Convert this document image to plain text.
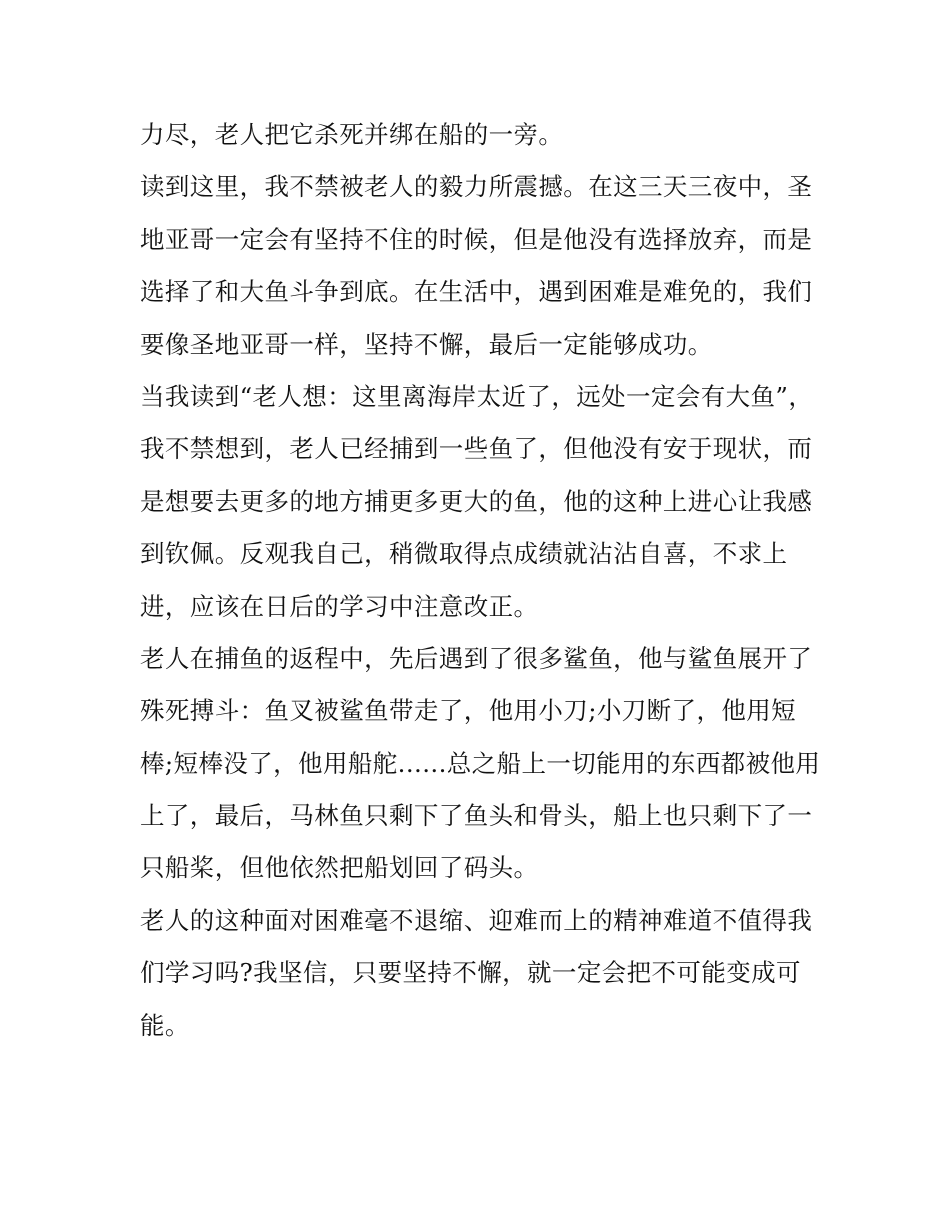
力尽，老人把它杀死并绑在船的一旁。
读到这里，我不禁被老人的毅力所震撼。在这三天三夜中，圣
地亚哥一定会有坚持不住的时候，但是他没有选择放弃，而是
选择了和大鱼斗争到底。在生活中，遇到困难是难免的，我们
要像圣地亚哥一样，坚持不懈，最后一定能够成功。
当我读到“老人想：这里离海岸太近了，远处一定会有大鱼”，
我不禁想到，老人已经捕到一些鱼了，但他没有安于现状，而
是想要去更多的地方捕更多更大的鱼，他的这种上进心让我感
到钦佩。反观我自己，稍微取得点成绩就沾沾自喜，不求上
进，应该在日后的学习中注意改正。
老人在捕鱼的返程中，先后遇到了很多鲨鱼，他与鲨鱼展开了
殊死搏斗：鱼叉被鲨鱼带走了，他用小刀;小刀断了，他用短
棒;短棒没了，他用船舵......总之船上一切能用的东西都被他用
上了，最后，马林鱼只剩下了鱼头和骨头，船上也只剩下了一
只船桨，但他依然把船划回了码头。
老人的这种面对困难毫不退缩、迎难而上的精神难道不值得我
们学习吗?我坚信，只要坚持不懈，就一定会把不可能变成可
能。
